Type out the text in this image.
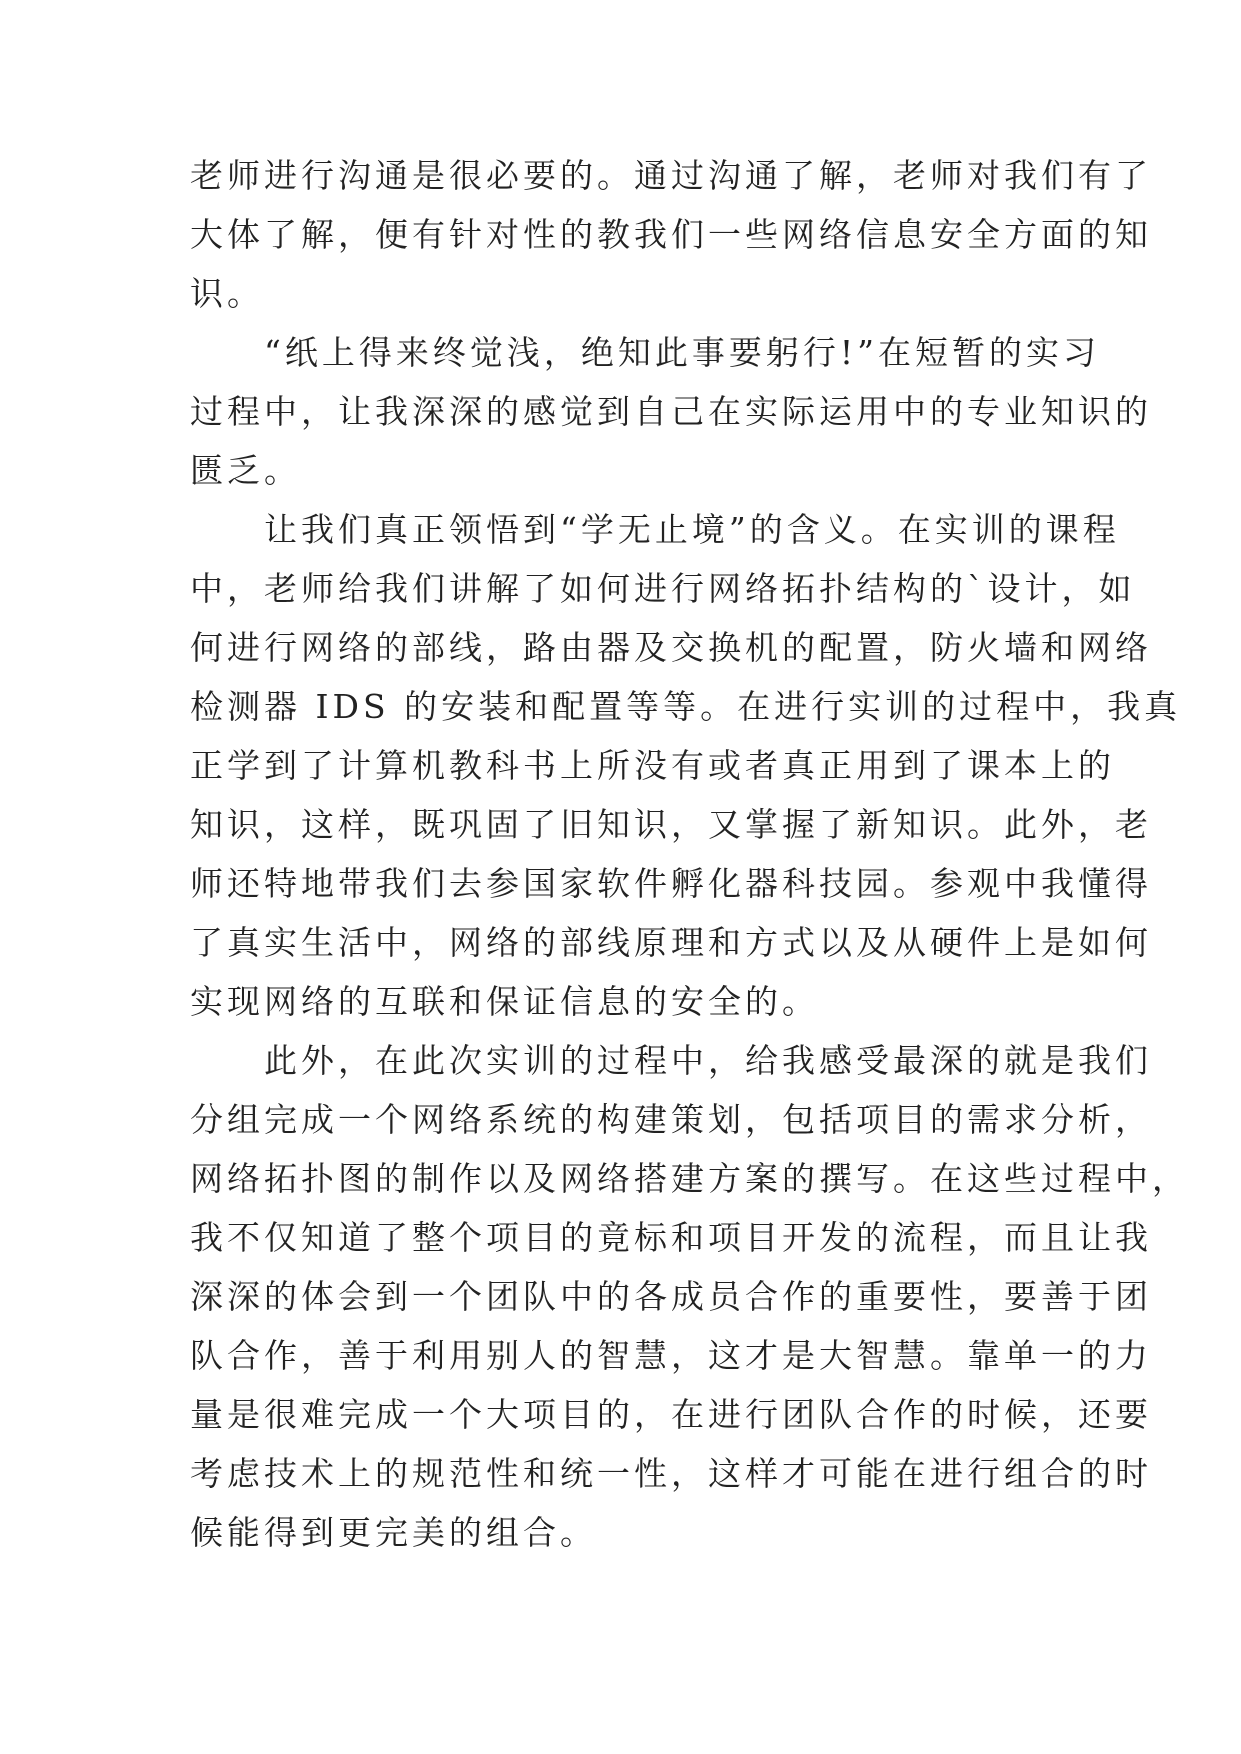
老师进行沟通是很必要的。通过沟通了解，老师对我们有了
大体了解，便有针对性的教我们一些网络信息安全方面的知
识。
　　“纸上得来终觉浅，绝知此事要躬行!”在短暂的实习
过程中，让我深深的感觉到自己在实际运用中的专业知识的
匮乏。
　　让我们真正领悟到“学无止境”的含义。在实训的课程
中，老师给我们讲解了如何进行网络拓扑结构的`设计，如
何进行网络的部线，路由器及交换机的配置，防火墙和网络
检测器 IDS 的安装和配置等等。在进行实训的过程中，我真
正学到了计算机教科书上所没有或者真正用到了课本上的
知识，这样，既巩固了旧知识，又掌握了新知识。此外，老
师还特地带我们去参国家软件孵化器科技园。参观中我懂得
了真实生活中，网络的部线原理和方式以及从硬件上是如何
实现网络的互联和保证信息的安全的。
　　此外，在此次实训的过程中，给我感受最深的就是我们
分组完成一个网络系统的构建策划，包括项目的需求分析，
网络拓扑图的制作以及网络搭建方案的撰写。在这些过程中，
我不仅知道了整个项目的竟标和项目开发的流程，而且让我
深深的体会到一个团队中的各成员合作的重要性，要善于团
队合作，善于利用别人的智慧，这才是大智慧。靠单一的力
量是很难完成一个大项目的，在进行团队合作的时候，还要
考虑技术上的规范性和统一性，这样才可能在进行组合的时
候能得到更完美的组合。
